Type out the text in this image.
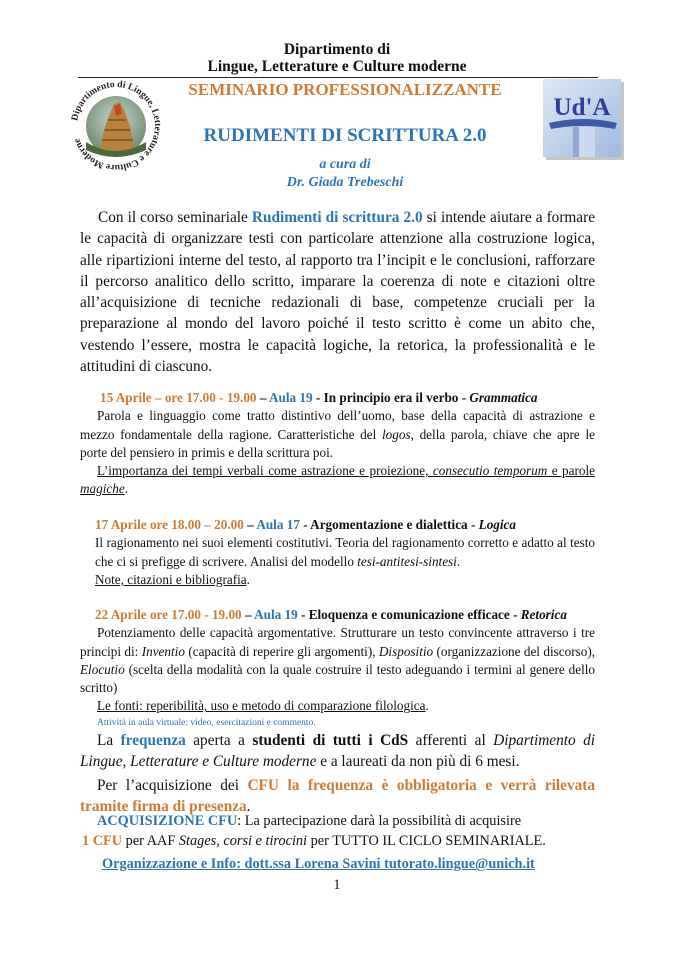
Dipartimento di
Lingue, Letterature e Culture moderne
Dipartimento di Lingue, Letterature e Culture Moderne
Ud'A
SEMINARIO PROFESSIONALIZZANTE
RUDIMENTI DI SCRITTURA 2.0
a cura di
Dr. Giada Trebeschi
Con il corso seminariale Rudimenti di scrittura 2.0 si intende aiutare a formare le capacità di organizzare testi con particolare attenzione alla costruzione logica, alle ripartizioni interne del testo, al rapporto tra l’incipit e le conclusioni, rafforzare il percorso analitico dello scritto, imparare la coerenza di note e citazioni oltre all’acquisizione di tecniche redazionali di base, competenze cruciali per la preparazione al mondo del lavoro poiché il testo scritto è come un abito che, vestendo l’essere, mostra le capacità logiche, la retorica, la professionalità e le attitudini di ciascuno.
15 Aprile – ore 17.00 - 19.00 – Aula 19 - In principio era il verbo - Grammatica
Parola e linguaggio come tratto distintivo dell’uomo, base della capacità di astrazione e mezzo fondamentale della ragione. Caratteristiche del logos, della parola, chiave che apre le porte del pensiero in primis e della scrittura poi.
L’importanza dei tempi verbali come astrazione e proiezione, consecutio temporum e parole magiche.
17 Aprile ore 18.00 – 20.00 – Aula 17 - Argomentazione e dialettica - Logica
Il ragionamento nei suoi elementi costitutivi. Teoria del ragionamento corretto e adatto al testo che ci si prefigge di scrivere. Analisi del modello tesi-antitesi-sintesi.
Note, citazioni e bibliografia.
22 Aprile ore 17.00 - 19.00 – Aula 19 - Eloquenza e comunicazione efficace - Retorica
Potenziamento delle capacità argomentative. Strutturare un testo convincente attraverso i tre principi di: Inventio (capacità di reperire gli argomenti), Dispositio (organizzazione del discorso), Elocutio (scelta della modalità con la quale costruire il testo adeguando i termini al genere dello scritto)
Le fonti: reperibilità, uso e metodo di comparazione filologica.
Attività in aula virtuale: video, esercitazioni e commento.
La frequenza aperta a studenti di tutti i CdS afferenti al Dipartimento di Lingue, Letterature e Culture moderne e a laureati da non più di 6 mesi.
Per l’acquisizione dei CFU la frequenza è obbligatoria e verrà rilevata tramite firma di presenza.
ACQUISIZIONE CFU: La partecipazione darà la possibilità di acquisire
1 CFU per AAF Stages, corsi e tirocini per TUTTO IL CICLO SEMINARIALE.
Organizzazione e Info: dott.ssa Lorena Savini tutorato.lingue@unich.it
1
